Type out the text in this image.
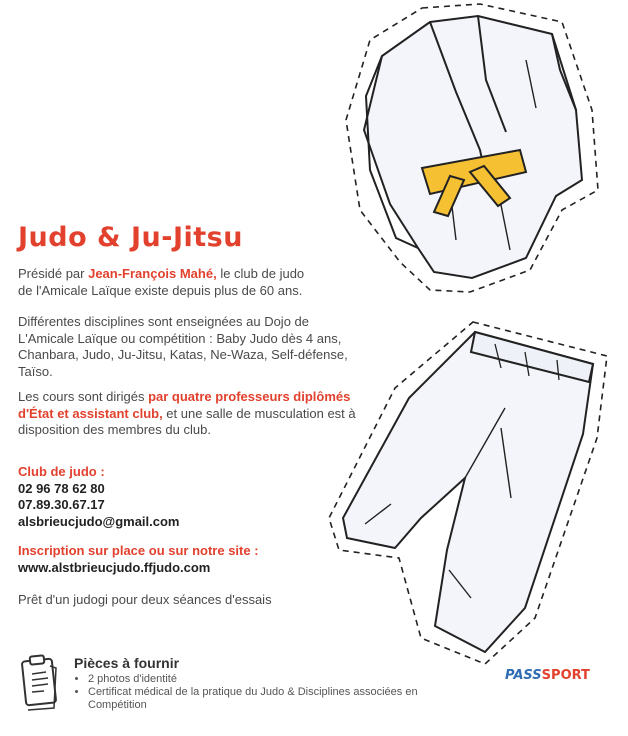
Judo & Ju-Jitsu

Présidé par Jean-François Mahé, le club de judo
de l'Amicale Laïque existe depuis plus de 60 ans.

Différentes disciplines sont enseignées au Dojo de
L'Amicale Laïque ou compétition : Baby Judo dès 4 ans,
Chanbara, Judo, Ju-Jitsu, Katas, Ne-Waza, Self-défense,
Taïso.

Les cours sont dirigés par quatre professeurs diplômés
d'État et assistant club, et une salle de musculation est à
disposition des membres du club.

Club de judo :
02 96 78 62 80
07.89.30.67.17
alsbrieucjudo@gmail.com
Inscription sur place ou sur notre site :
www.alstbrieucjudo.ffjudo.com

Prêt d'un judogi pour deux séances d'essais

Pièces à fournir

• 2 photos d'identité
• Certificat médical de la pratique du Judo & Disciplines associées en Compétition
PASSSPORT
